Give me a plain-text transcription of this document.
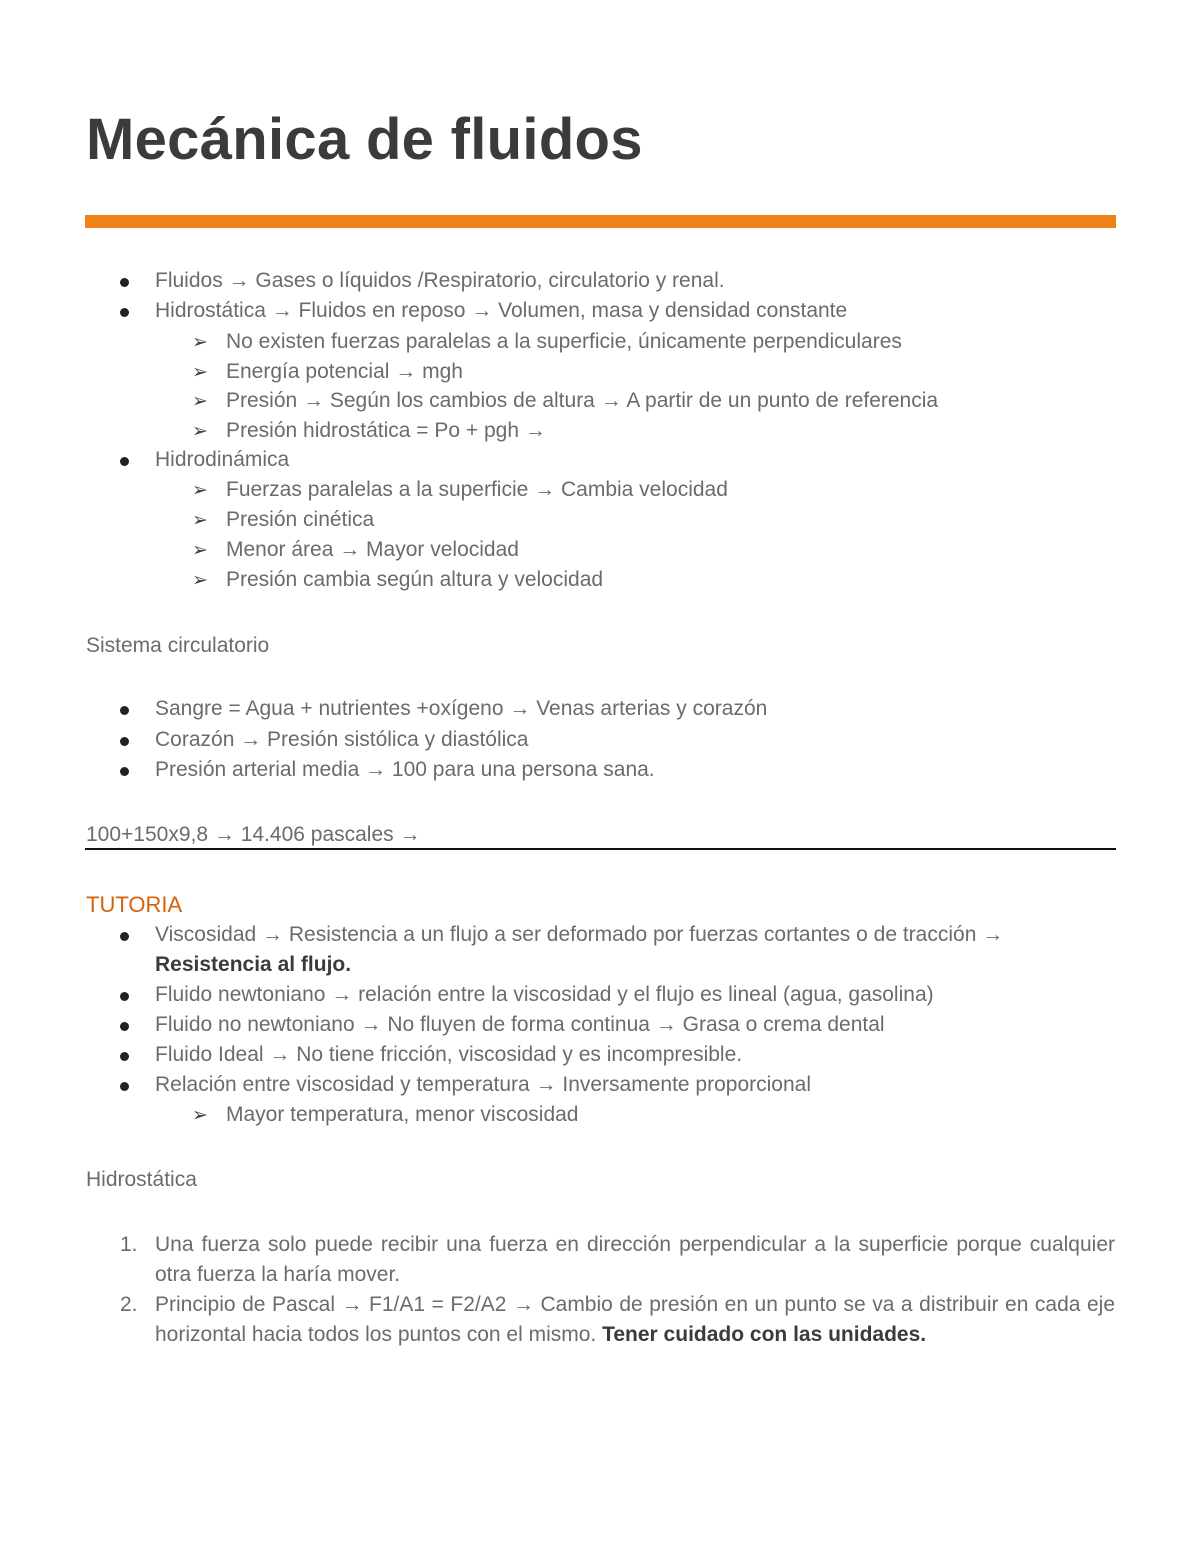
Mecánica de fluidos
Fluidos → Gases o líquidos /Respiratorio, circulatorio y renal.
Hidrostática → Fluidos en reposo → Volumen, masa y densidad constante
➢ No existen fuerzas paralelas a la superficie, únicamente perpendiculares
➢ Energía potencial → mgh
➢ Presión → Según los cambios de altura → A partir de un punto de referencia
➢ Presión hidrostática = Po + pgh →
Hidrodinámica
➢ Fuerzas paralelas a la superficie → Cambia velocidad
➢ Presión cinética
➢ Menor área → Mayor velocidad
➢ Presión cambia según altura y velocidad
Sistema circulatorio
Sangre = Agua + nutrientes +oxígeno → Venas arterias y corazón
Corazón → Presión sistólica y diastólica
Presión arterial media → 100 para una persona sana.
100+150x9,8 → 14.406 pascales →
TUTORIA
Viscosidad → Resistencia a un flujo a ser deformado por fuerzas cortantes o de tracción →
Resistencia al flujo.
Fluido newtoniano → relación entre la viscosidad y el flujo es lineal (agua, gasolina)
Fluido no newtoniano → No fluyen de forma continua → Grasa o crema dental
Fluido Ideal → No tiene fricción, viscosidad y es incompresible.
Relación entre viscosidad y temperatura → Inversamente proporcional
➢ Mayor temperatura, menor viscosidad
Hidrostática
1. Una fuerza solo puede recibir una fuerza en dirección perpendicular a la superficie porque cualquier otra fuerza la haría mover.
2. Principio de Pascal → F1/A1 = F2/A2 → Cambio de presión en un punto se va a distribuir en cada eje horizontal hacia todos los puntos con el mismo. Tener cuidado con las unidades.
